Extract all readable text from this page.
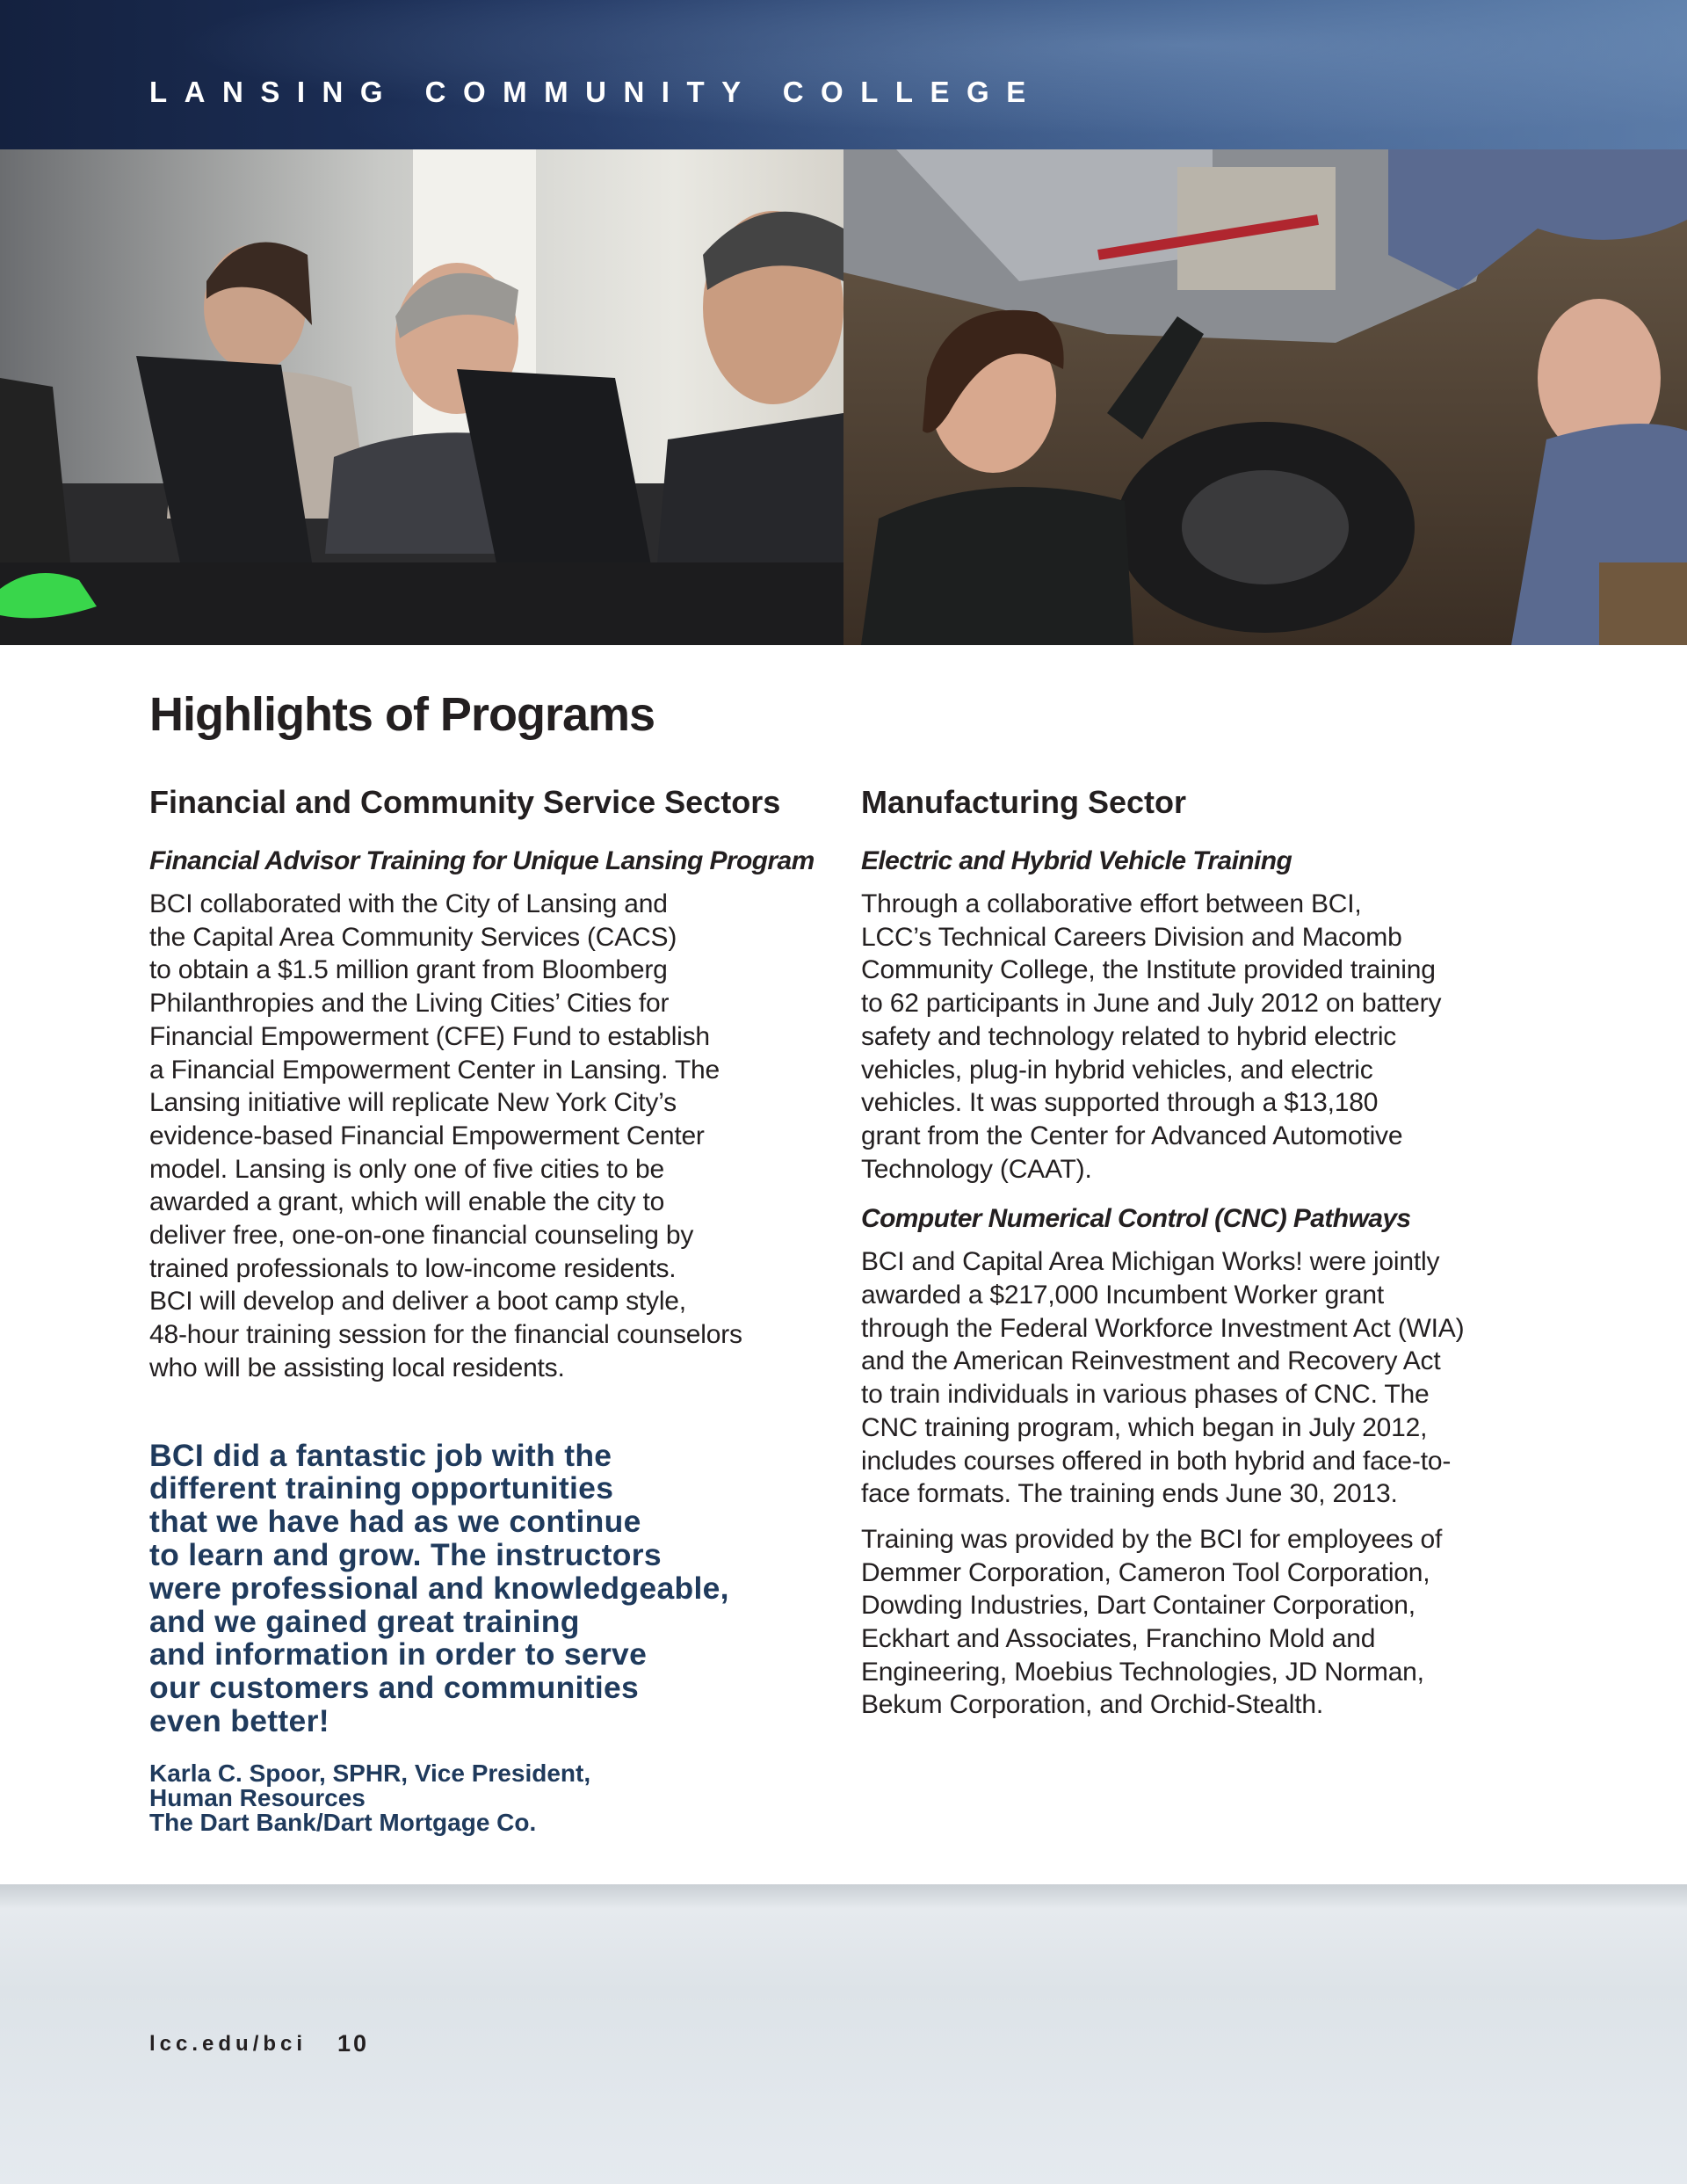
LANSING COMMUNITY COLLEGE
Highlights of Programs
Financial and Community Service Sectors
Financial Advisor Training for Unique Lansing Program

BCI collaborated with the City of Lansing and
the Capital Area Community Services (CACS)
to obtain a $1.5 million grant from Bloomberg
Philanthropies and the Living Cities’ Cities for
Financial Empowerment (CFE) Fund to establish
a Financial Empowerment Center in Lansing. The
Lansing initiative will replicate New York City’s
evidence-based Financial Empowerment Center
model. Lansing is only one of five cities to be
awarded a grant, which will enable the city to
deliver free, one-on-one financial counseling by
trained professionals to low-income residents.
BCI will develop and deliver a boot camp style,
48-hour training session for the financial counselors
who will be assisting local residents.

BCI did a fantastic job with the
different training opportunities
that we have had as we continue
to learn and grow. The instructors
were professional and knowledgeable,
and we gained great training
and information in order to serve
our customers and communities
even better!

Karla C. Spoor, SPHR, Vice President,
Human Resources
The Dart Bank/Dart Mortgage Co.
Manufacturing Sector
Electric and Hybrid Vehicle Training

Through a collaborative effort between BCI,
LCC’s Technical Careers Division and Macomb
Community College, the Institute provided training
to 62 participants in June and July 2012 on battery
safety and technology related to hybrid electric
vehicles, plug-in hybrid vehicles, and electric
vehicles. It was supported through a $13,180
grant from the Center for Advanced Automotive
Technology (CAAT).

Computer Numerical Control (CNC) Pathways

BCI and Capital Area Michigan Works! were jointly
awarded a $217,000 Incumbent Worker grant
through the Federal Workforce Investment Act (WIA)
and the American Reinvestment and Recovery Act
to train individuals in various phases of CNC. The
CNC training program, which began in July 2012,
includes courses offered in both hybrid and face-to-
face formats. The training ends June 30, 2013.

Training was provided by the BCI for employees of
Demmer Corporation, Cameron Tool Corporation,
Dowding Industries, Dart Container Corporation,
Eckhart and Associates, Franchino Mold and
Engineering, Moebius Technologies, JD Norman,
Bekum Corporation, and Orchid-Stealth.

lcc.edu/bci 10
